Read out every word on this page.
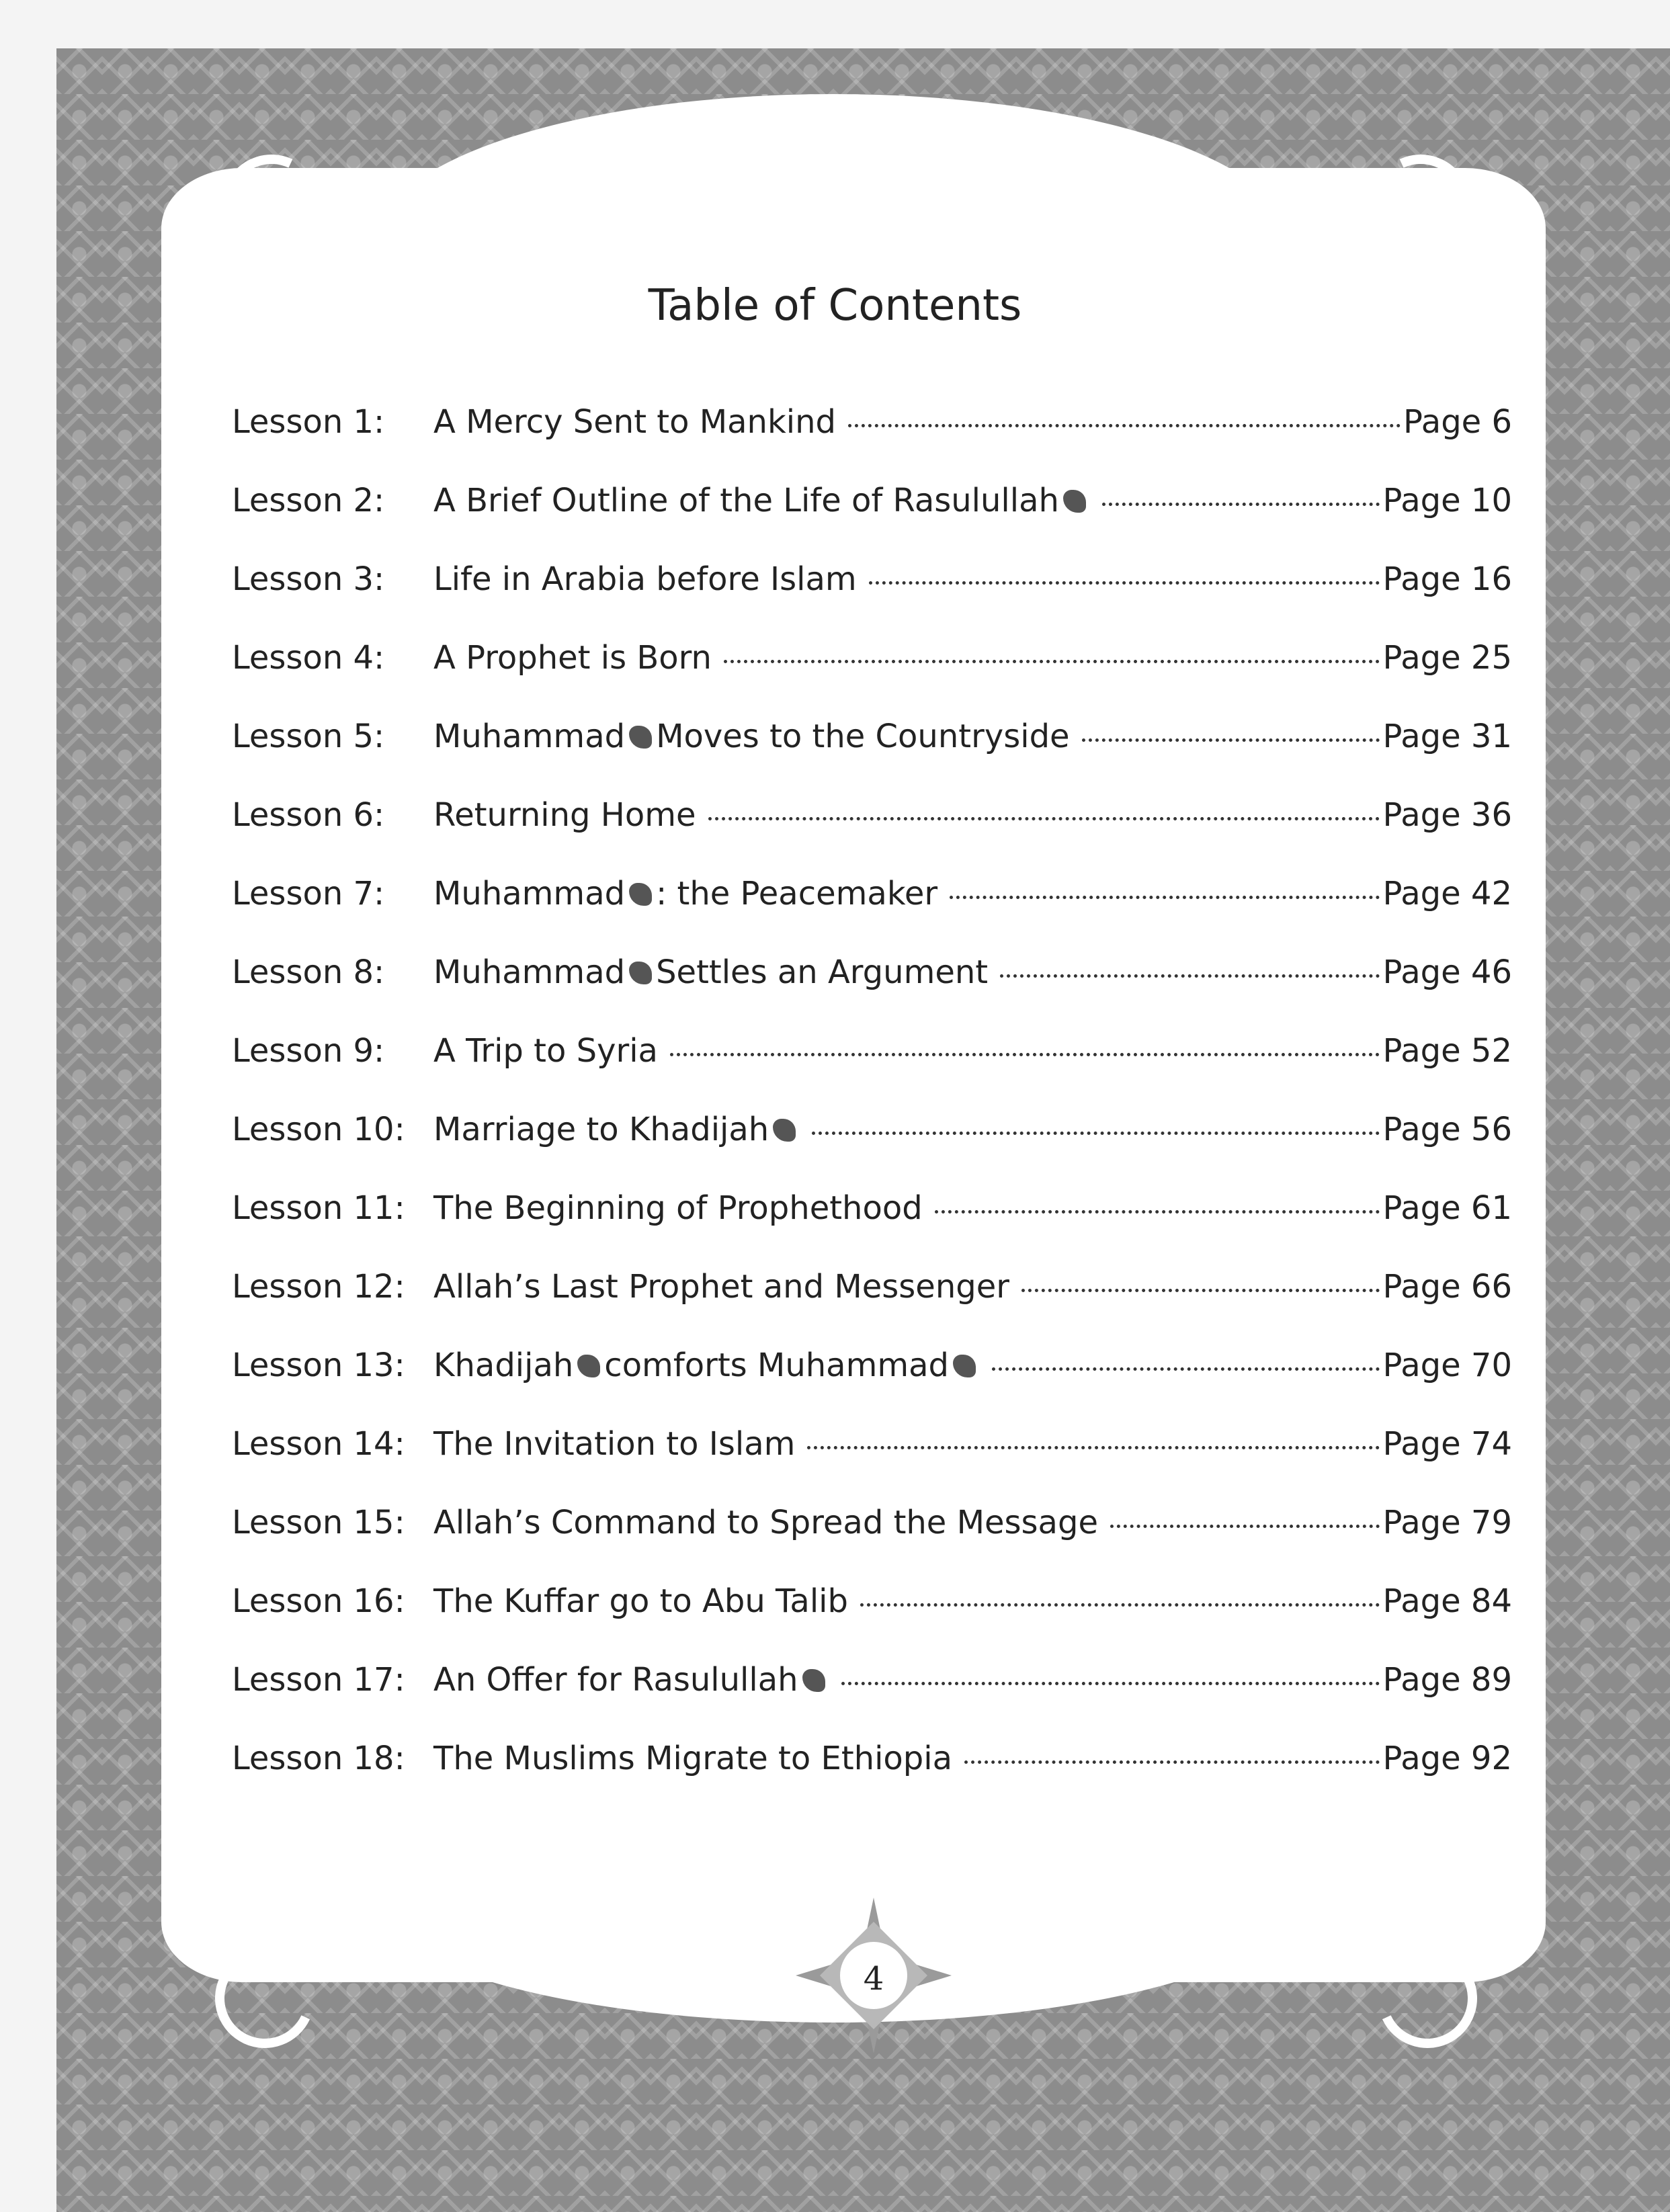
Table of Contents
Lesson 1:	A Mercy Sent to Mankind	Page 6
Lesson 2:	A Brief Outline of the Life of Rasulullah	Page 10
Lesson 3:	Life in Arabia before Islam	Page 16
Lesson 4:	A Prophet is Born	Page 25
Lesson 5:	Muhammad Moves to the Countryside	Page 31
Lesson 6:	Returning Home	Page 36
Lesson 7:	Muhammad : the Peacemaker	Page 42
Lesson 8:	Muhammad Settles an Argument	Page 46
Lesson 9:	A Trip to Syria	Page 52
Lesson 10: Marriage to Khadijah	Page 56
Lesson 11: The Beginning of Prophethood	Page 61
Lesson 12: Allah’s Last Prophet and Messenger	Page 66
Lesson 13: Khadijah comforts Muhammad	Page 70
Lesson 14: The Invitation to Islam	Page 74
Lesson 15: Allah’s Command to Spread the Message	Page 79
Lesson 16: The Kuffar go to Abu Talib	Page 84
Lesson 17: An Offer for Rasulullah	Page 89
Lesson 18: The Muslims Migrate to Ethiopia	Page 92
4
